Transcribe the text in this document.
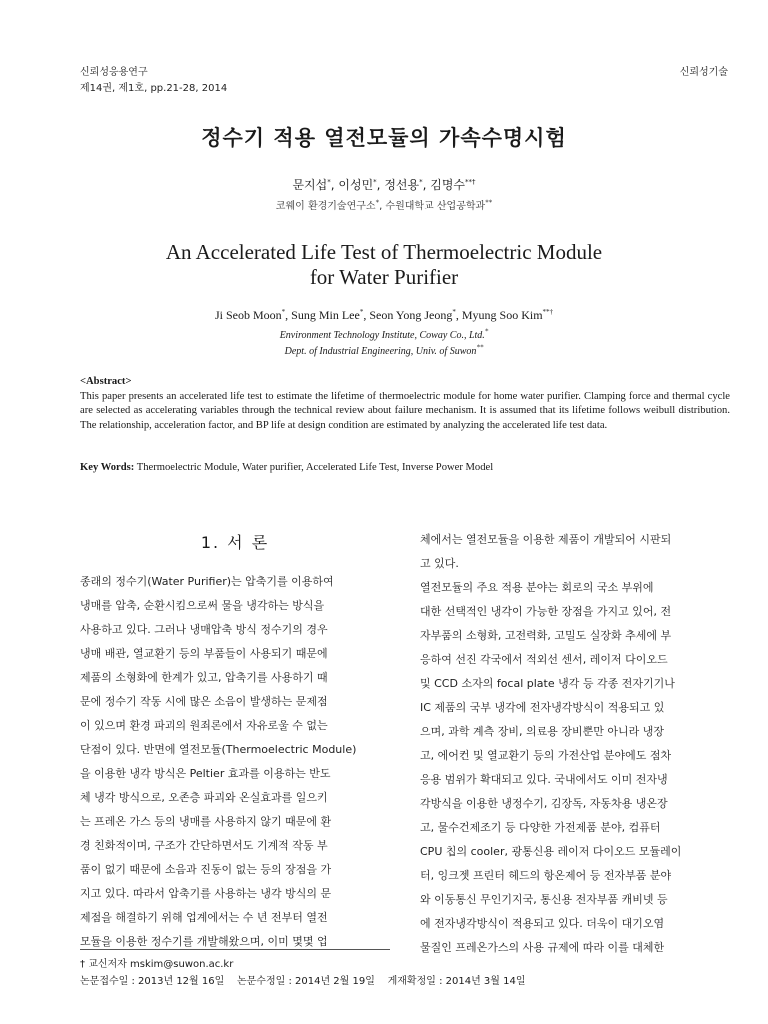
신뢰성응용연구
제14권, 제1호, pp.21-28, 2014
신뢰성기술
정수기 적용 열전모듈의 가속수명시험
문지섭*, 이성민*, 정선용*, 김명수**†
코웨이 환경기술연구소*, 수원대학교 산업공학과**
An Accelerated Life Test of Thermoelectric Module
for Water Purifier
Ji Seob Moon*, Sung Min Lee*, Seon Yong Jeong*, Myung Soo Kim**†
Environment Technology Institute, Coway Co., Ltd.*
Dept. of Industrial Engineering, Univ. of Suwon**
<Abstract>
This paper presents an accelerated life test to estimate the lifetime of thermoelectric module for home water purifier. Clamping force and thermal cycle are selected as accelerating variables through the technical review about failure mechanism. It is assumed that its lifetime follows weibull distribution. The relationship, acceleration factor, and BP life at design condition are estimated by analyzing the accelerated life test data.
Key Words: Thermoelectric Module, Water purifier, Accelerated Life Test, Inverse Power Model
1. 서 론
종래의 정수기(Water Purifier)는 압축기를 이용하여
냉매를 압축, 순환시킴으로써 물을 냉각하는 방식을
사용하고 있다. 그러나 냉매압축 방식 정수기의 경우
냉매 배관, 열교환기 등의 부품들이 사용되기 때문에
제품의 소형화에 한계가 있고, 압축기를 사용하기 때
문에 정수기 작동 시에 많은 소음이 발생하는 문제점
이 있으며 환경 파괴의 원죄론에서 자유로울 수 없는
단점이 있다. 반면에 열전모듈(Thermoelectric Module)
을 이용한 냉각 방식은 Peltier 효과를 이용하는 반도
체 냉각 방식으로, 오존층 파괴와 온실효과를 일으키
는 프레온 가스 등의 냉매를 사용하지 않기 때문에 환
경 친화적이며, 구조가 간단하면서도 기계적 작동 부
품이 없기 때문에 소음과 진동이 없는 등의 장점을 가
지고 있다. 따라서 압축기를 사용하는 냉각 방식의 문
제점을 해결하기 위해 업계에서는 수 년 전부터 열전
모듈을 이용한 정수기를 개발해왔으며, 이미 몇몇 업
체에서는 열전모듈을 이용한 제품이 개발되어 시판되
고 있다.
열전모듈의 주요 적용 분야는 회로의 국소 부위에
대한 선택적인 냉각이 가능한 장점을 가지고 있어, 전
자부품의 소형화, 고전력화, 고밀도 실장화 추세에 부
응하여 선진 각국에서 적외선 센서, 레이저 다이오드
및 CCD 소자의 focal plate 냉각 등 각종 전자기기나
IC 제품의 국부 냉각에 전자냉각방식이 적용되고 있
으며, 과학 계측 장비, 의료용 장비뿐만 아니라 냉장
고, 에어컨 및 열교환기 등의 가전산업 분야에도 점차
응용 범위가 확대되고 있다. 국내에서도 이미 전자냉
각방식을 이용한 냉정수기, 김장독, 자동차용 냉온장
고, 물수건제조기 등 다양한 가전제품 분야, 컴퓨터
CPU 칩의 cooler, 광통신용 레이저 다이오드 모듈레이
터, 잉크젯 프린터 헤드의 항온제어 등 전자부품 분야
와 이동통신 무인기지국, 통신용 전자부품 캐비넷 등
에 전자냉각방식이 적용되고 있다. 더욱이 대기오염
물질인 프레온가스의 사용 규제에 따라 이를 대체한
† 교신저자 mskim@suwon.ac.kr
논문접수일 : 2013년 12월 16일    논문수정일 : 2014년 2월 19일    게재확정일 : 2014년 3월 14일
